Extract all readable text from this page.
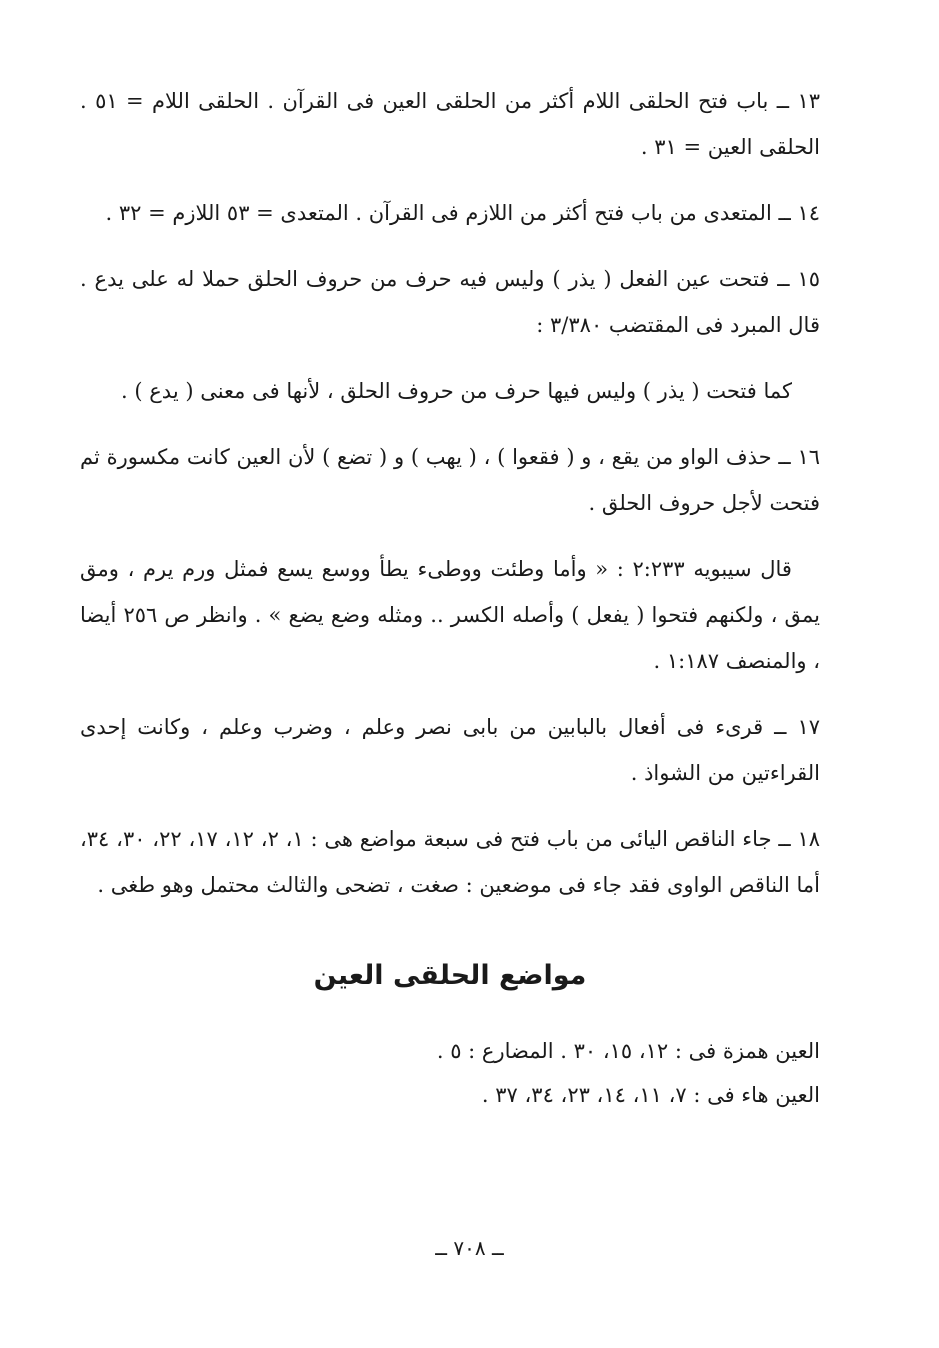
١٣ ــ باب فتح الحلقى اللام أكثر من الحلقى العين فى القرآن . الحلقى اللام = ٥١ . الحلقى العين = ٣١ .

١٤ ــ المتعدى من باب فتح أكثر من اللازم فى القرآن . المتعدى = ٥٣ اللازم = ٣٢ .

١٥ ــ فتحت عين الفعل ( يذر ) وليس فيه حرف من حروف الحلق حملا له على يدع . قال المبرد فى المقتضب ٣/٣٨٠ :

كما فتحت ( يذر ) وليس فيها حرف من حروف الحلق ، لأنها فى معنى ( يدع ) .

١٦ ــ حذف الواو من يقع ، و ( فقعوا ) ، ( يهب ) و ( تضع ) لأن العين كانت مكسورة ثم فتحت لأجل حروف الحلق .

قال سيبويه ٢:٢٣٣ : « وأما وطئت ووطىء يطأ ووسع يسع فمثل ورم يرم ، ومق يمق ، ولكنهم فتحوا ( يفعل ) وأصله الكسر .. ومثله وضع يضع » . وانظر ص ٢٥٦ أيضا ، والمنصف ١:١٨٧ .

١٧ ــ قرىء فى أفعال بالبابين من بابى نصر وعلم ، وضرب وعلم ، وكانت إحدى القراءتين من الشواذ .

١٨ ــ جاء الناقص اليائى من باب فتح فى سبعة مواضع هى : ١، ٢، ١٢، ١٧، ٢٢، ٣٠، ٣٤، أما الناقص الواوى فقد جاء فى موضعين : صغت ، تضحى والثالث محتمل وهو طغى .

مواضع الحلقى العين

العين همزة فى : ١٢، ١٥، ٣٠ . المضارع : ٥ .

العين هاء فى : ٧، ١١، ١٤، ٢٣، ٣٤، ٣٧ .

ــ ٧٠٨ ــ
